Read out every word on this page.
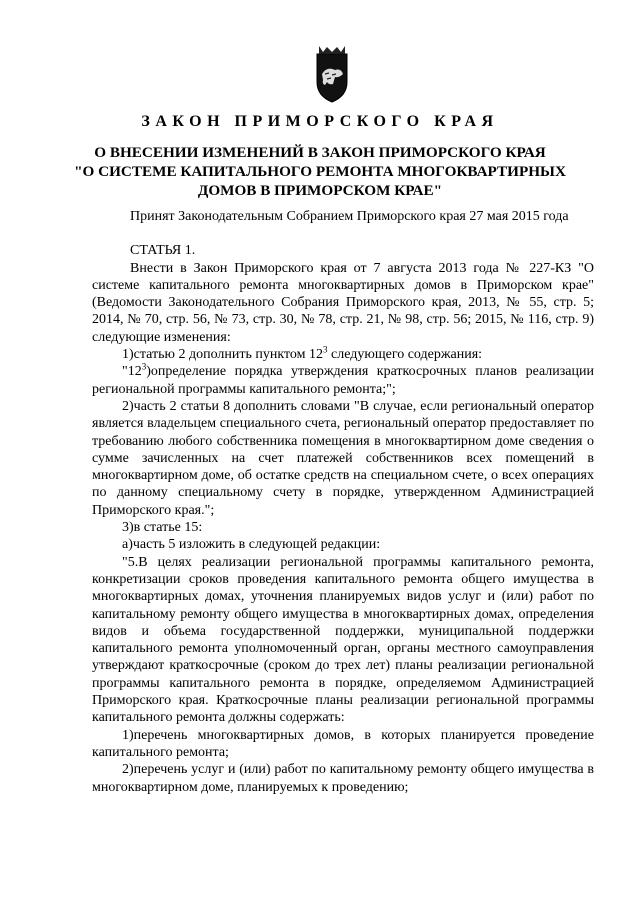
ЗАКОН ПРИМОРСКОГО КРАЯ
О ВНЕСЕНИИ ИЗМЕНЕНИЙ В ЗАКОН ПРИМОРСКОГО КРАЯ
"О СИСТЕМЕ КАПИТАЛЬНОГО РЕМОНТА МНОГОКВАРТИРНЫХ
ДОМОВ В ПРИМОРСКОМ КРАЕ"

Принят Законодательным Собранием Приморского края 27 мая 2015 года

СТАТЬЯ 1.

Внести в Закон Приморского края от 7 августа 2013 года № 227-КЗ "О системе капитального ремонта многоквартирных домов в Приморском крае" (Ведомости Законодательного Собрания Приморского края, 2013, № 55, стр. 5; 2014, № 70, стр. 56, № 73, стр. 30, № 78, стр. 21, № 98, стр. 56; 2015, № 116, стр. 9) следующие изменения:

1)статью 2 дополнить пунктом $12^3$ следующего содержания:

"$12^3)определение$ порядка утверждения краткосрочных планов реализации региональной программы капитального ремонта;";

2)часть 2 статьи 8 дополнить словами "В случае, если региональный оператор является владельцем специального счета, региональный оператор предоставляет по требованию любого собственника помещения в многоквартирном доме сведения о сумме зачисленных на счет платежей собственников всех помещений в многоквартирном доме, об остатке средств на специальном счете, о всех операциях по данному специальному счету в порядке, утвержденном Администрацией Приморского края.";

3)в статье 15:

а)часть 5 изложить в следующей редакции:

"5.В целях реализации региональной программы капитального ремонта, конкретизации сроков проведения капитального ремонта общего имущества в многоквартирных домах, уточнения планируемых видов услуг и (или) работ по капитальному ремонту общего имущества в многоквартирных домах, определения видов и объема государственной поддержки, муниципальной поддержки капитального ремонта уполномоченный орган, органы местного самоуправления утверждают краткосрочные (сроком до трех лет) планы реализации региональной программы капитального ремонта в порядке, определяемом Администрацией Приморского края. Краткосрочные планы реализации региональной программы капитального ремонта должны содержать:

1)перечень многоквартирных домов, в которых планируется проведение капитального ремонта;

2)перечень услуг и (или) работ по капитальному ремонту общего имущества в многоквартирном доме, планируемых к проведению;
